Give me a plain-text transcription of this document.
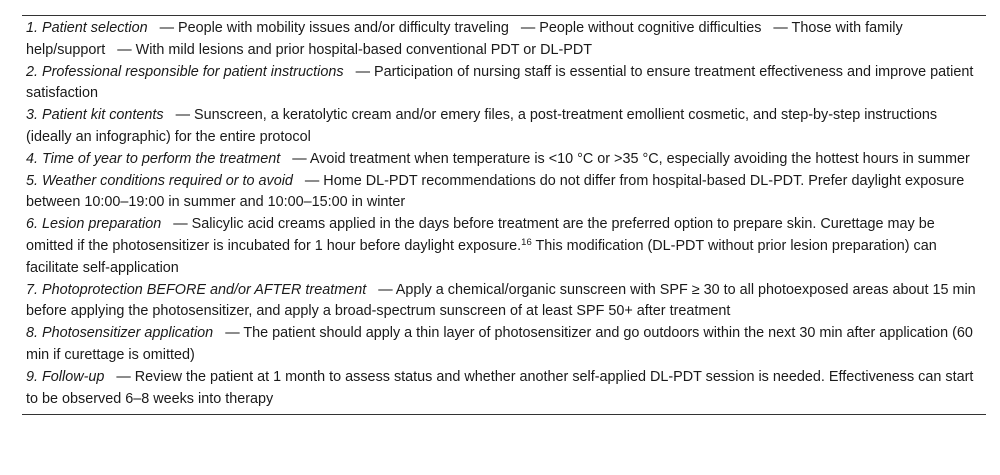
1. Patient selection — People with mobility issues and/or difficulty traveling — People without cognitive difficulties — Those with family help/support — With mild lesions and prior hospital-based conventional PDT or DL-PDT
2. Professional responsible for patient instructions — Participation of nursing staff is essential to ensure treatment effectiveness and improve patient satisfaction
3. Patient kit contents — Sunscreen, a keratolytic cream and/or emery files, a post-treatment emollient cosmetic, and step-by-step instructions (ideally an infographic) for the entire protocol
4. Time of year to perform the treatment — Avoid treatment when temperature is <10 °C or >35 °C, especially avoiding the hottest hours in summer
5. Weather conditions required or to avoid — Home DL-PDT recommendations do not differ from hospital-based DL-PDT. Prefer daylight exposure between 10:00–19:00 in summer and 10:00–15:00 in winter
6. Lesion preparation — Salicylic acid creams applied in the days before treatment are the preferred option to prepare skin. Curettage may be omitted if the photosensitizer is incubated for 1 hour before daylight exposure.$^{16}$ This modification (DL-PDT without prior lesion preparation) can facilitate self-application
7. Photoprotection BEFORE and/or AFTER treatment — Apply a chemical/organic sunscreen with SPF ≥ 30 to all photoexposed areas about 15 min before applying the photosensitizer, and apply a broad-spectrum sunscreen of at least SPF 50+ after treatment
8. Photosensitizer application — The patient should apply a thin layer of photosensitizer and go outdoors within the next 30 min after application (60 min if curettage is omitted)
9. Follow-up — Review the patient at 1 month to assess status and whether another self-applied DL-PDT session is needed. Effectiveness can start to be observed 6–8 weeks into therapy
